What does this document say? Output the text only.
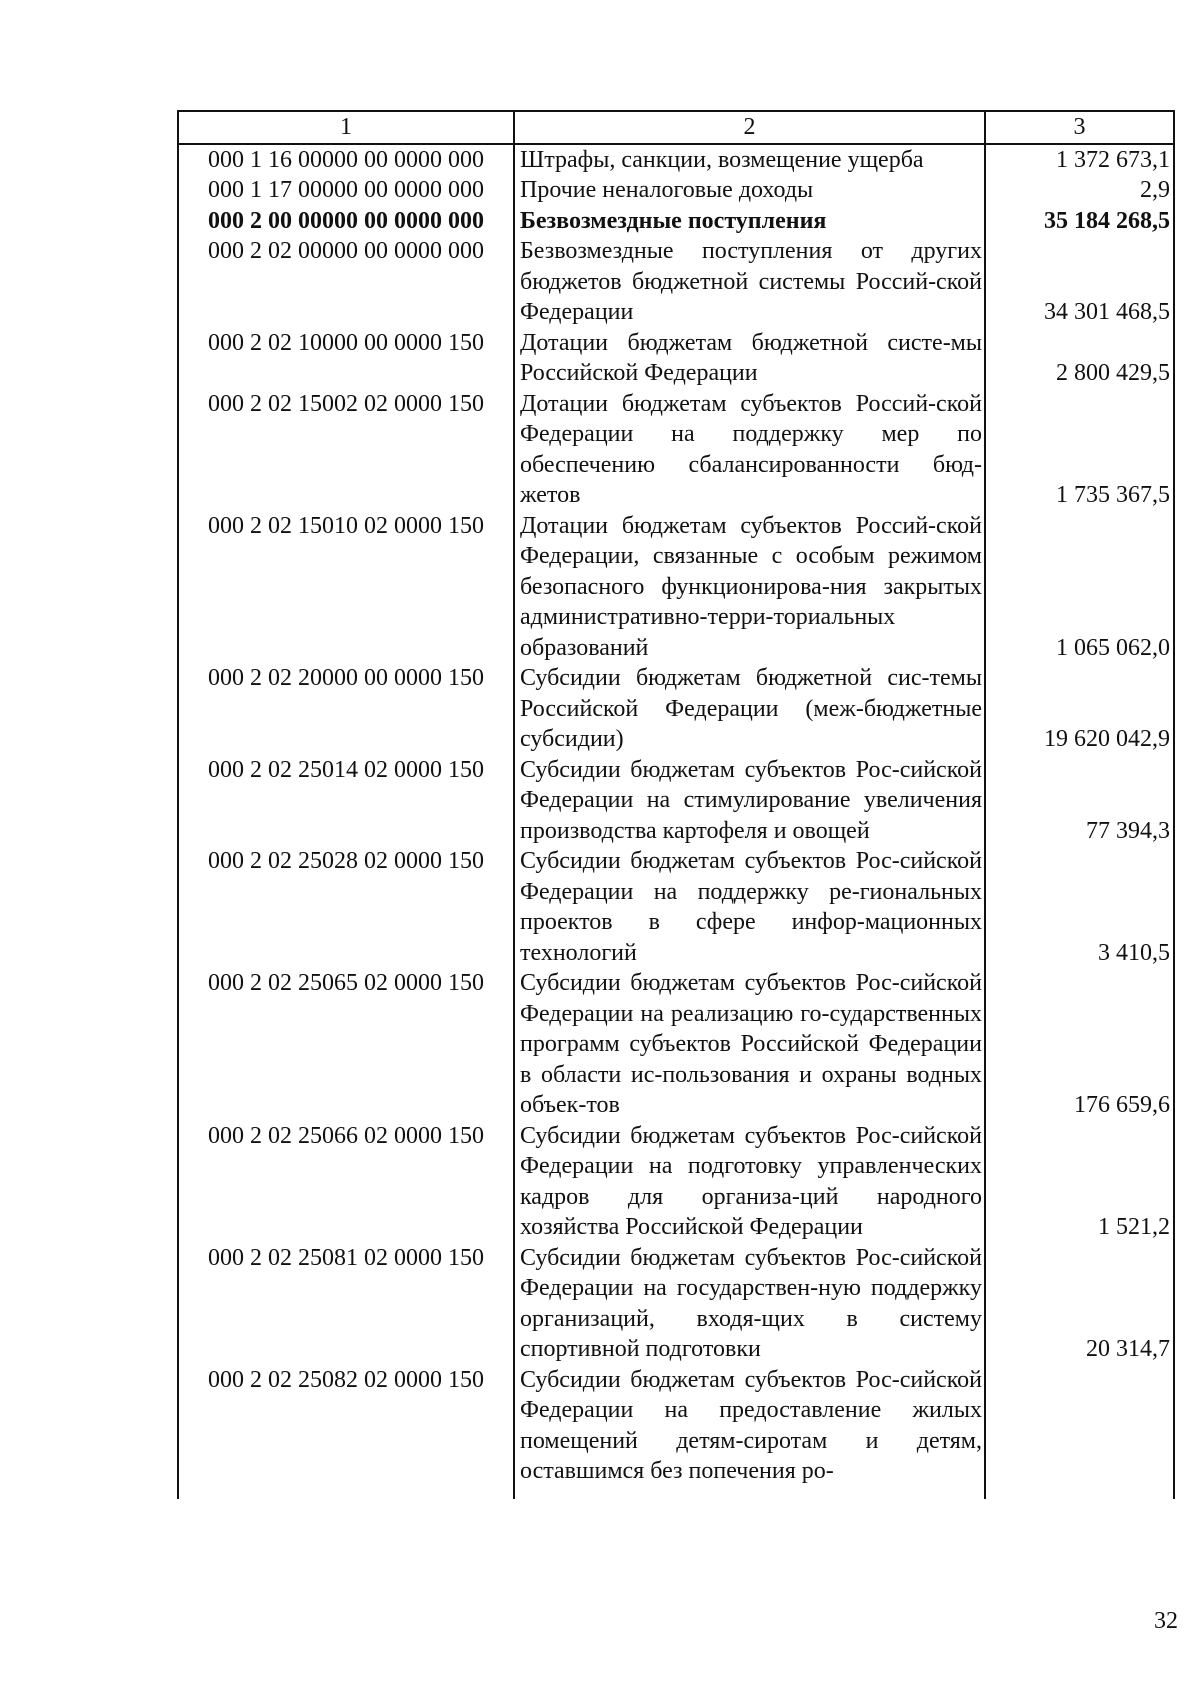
1	2	3
000 1 16 00000 00 0000 000	Штрафы, санкции, возмещение ущерба	1 372 673,1
000 1 17 00000 00 0000 000	Прочие неналоговые доходы	2,9
000 2 00 00000 00 0000 000	Безвозмездные поступления	35 184 268,5
000 2 02 00000 00 0000 000	Безвозмездные поступления от других бюджетов бюджетной системы Россий-ской Федерации	34 301 468,5
000 2 02 10000 00 0000 150	Дотации бюджетам бюджетной систе-мы Российской Федерации	2 800 429,5
000 2 02 15002 02 0000 150	Дотации бюджетам субъектов Россий-ской Федерации на поддержку мер по обеспечению сбалансированности бюд-жетов	1 735 367,5
000 2 02 15010 02 0000 150	Дотации бюджетам субъектов Россий-ской Федерации, связанные с особым режимом безопасного функционирова-ния закрытых административно-терри-ториальных образований	1 065 062,0
000 2 02 20000 00 0000 150	Субсидии бюджетам бюджетной сис-темы Российской Федерации (меж-бюджетные субсидии)	19 620 042,9
000 2 02 25014 02 0000 150	Субсидии бюджетам субъектов Рос-сийской Федерации на стимулирование увеличения производства картофеля и овощей	77 394,3
000 2 02 25028 02 0000 150	Субсидии бюджетам субъектов Рос-сийской Федерации на поддержку ре-гиональных проектов в сфере инфор-мационных технологий	3 410,5
000 2 02 25065 02 0000 150	Субсидии бюджетам субъектов Рос-сийской Федерации на реализацию го-сударственных программ субъектов Российской Федерации в области ис-пользования и охраны водных объек-тов	176 659,6
000 2 02 25066 02 0000 150	Субсидии бюджетам субъектов Рос-сийской Федерации на подготовку управленческих кадров для организа-ций народного хозяйства Российской Федерации	1 521,2
000 2 02 25081 02 0000 150	Субсидии бюджетам субъектов Рос-сийской Федерации на государствен-ную поддержку организаций, входя-щих в систему спортивной подготовки	20 314,7
000 2 02 25082 02 0000 150	Субсидии бюджетам субъектов Рос-сийской Федерации на предоставление жилых помещений детям-сиротам и детям, оставшимся без попечения ро-	
32
